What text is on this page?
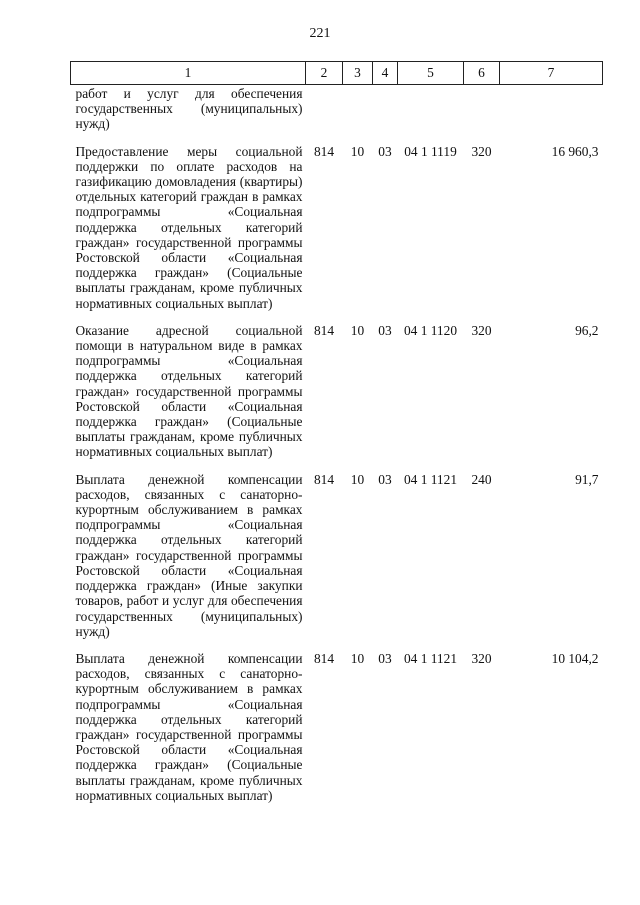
221
1	2	3	4	5	6	7
работ и услуг для обеспечения государственных (муниципальных) нужд)						
Предоставление меры социальной поддержки по оплате расходов на газификацию домовладения (квартиры) отдельных категорий граждан в рамках подпрограммы «Социальная поддержка отдельных категорий граждан» государственной программы Ростовской области «Социальная поддержка граждан» (Социальные выплаты гражданам, кроме публичных нормативных социальных выплат)	814	10	03	04 1 1119	320	16 960,3
Оказание адресной социальной помощи в натуральном виде в рамках подпрограммы «Социальная поддержка отдельных категорий граждан» государственной программы Ростовской области «Социальная поддержка граждан» (Социальные выплаты гражданам, кроме публичных нормативных социальных выплат)	814	10	03	04 1 1120	320	96,2
Выплата денежной компенсации расходов, связанных с санаторно-курортным обслуживанием в рамках подпрограммы «Социальная поддержка отдельных категорий граждан» государственной программы Ростовской области «Социальная поддержка граждан» (Иные закупки товаров, работ и услуг для обеспечения государственных (муниципальных) нужд)	814	10	03	04 1 1121	240	91,7
Выплата денежной компенсации расходов, связанных с санаторно-курортным обслуживанием в рамках подпрограммы «Социальная поддержка отдельных категорий граждан» государственной программы Ростовской области «Социальная поддержка граждан» (Социальные выплаты гражданам, кроме публичных нормативных социальных выплат)	814	10	03	04 1 1121	320	10 104,2
